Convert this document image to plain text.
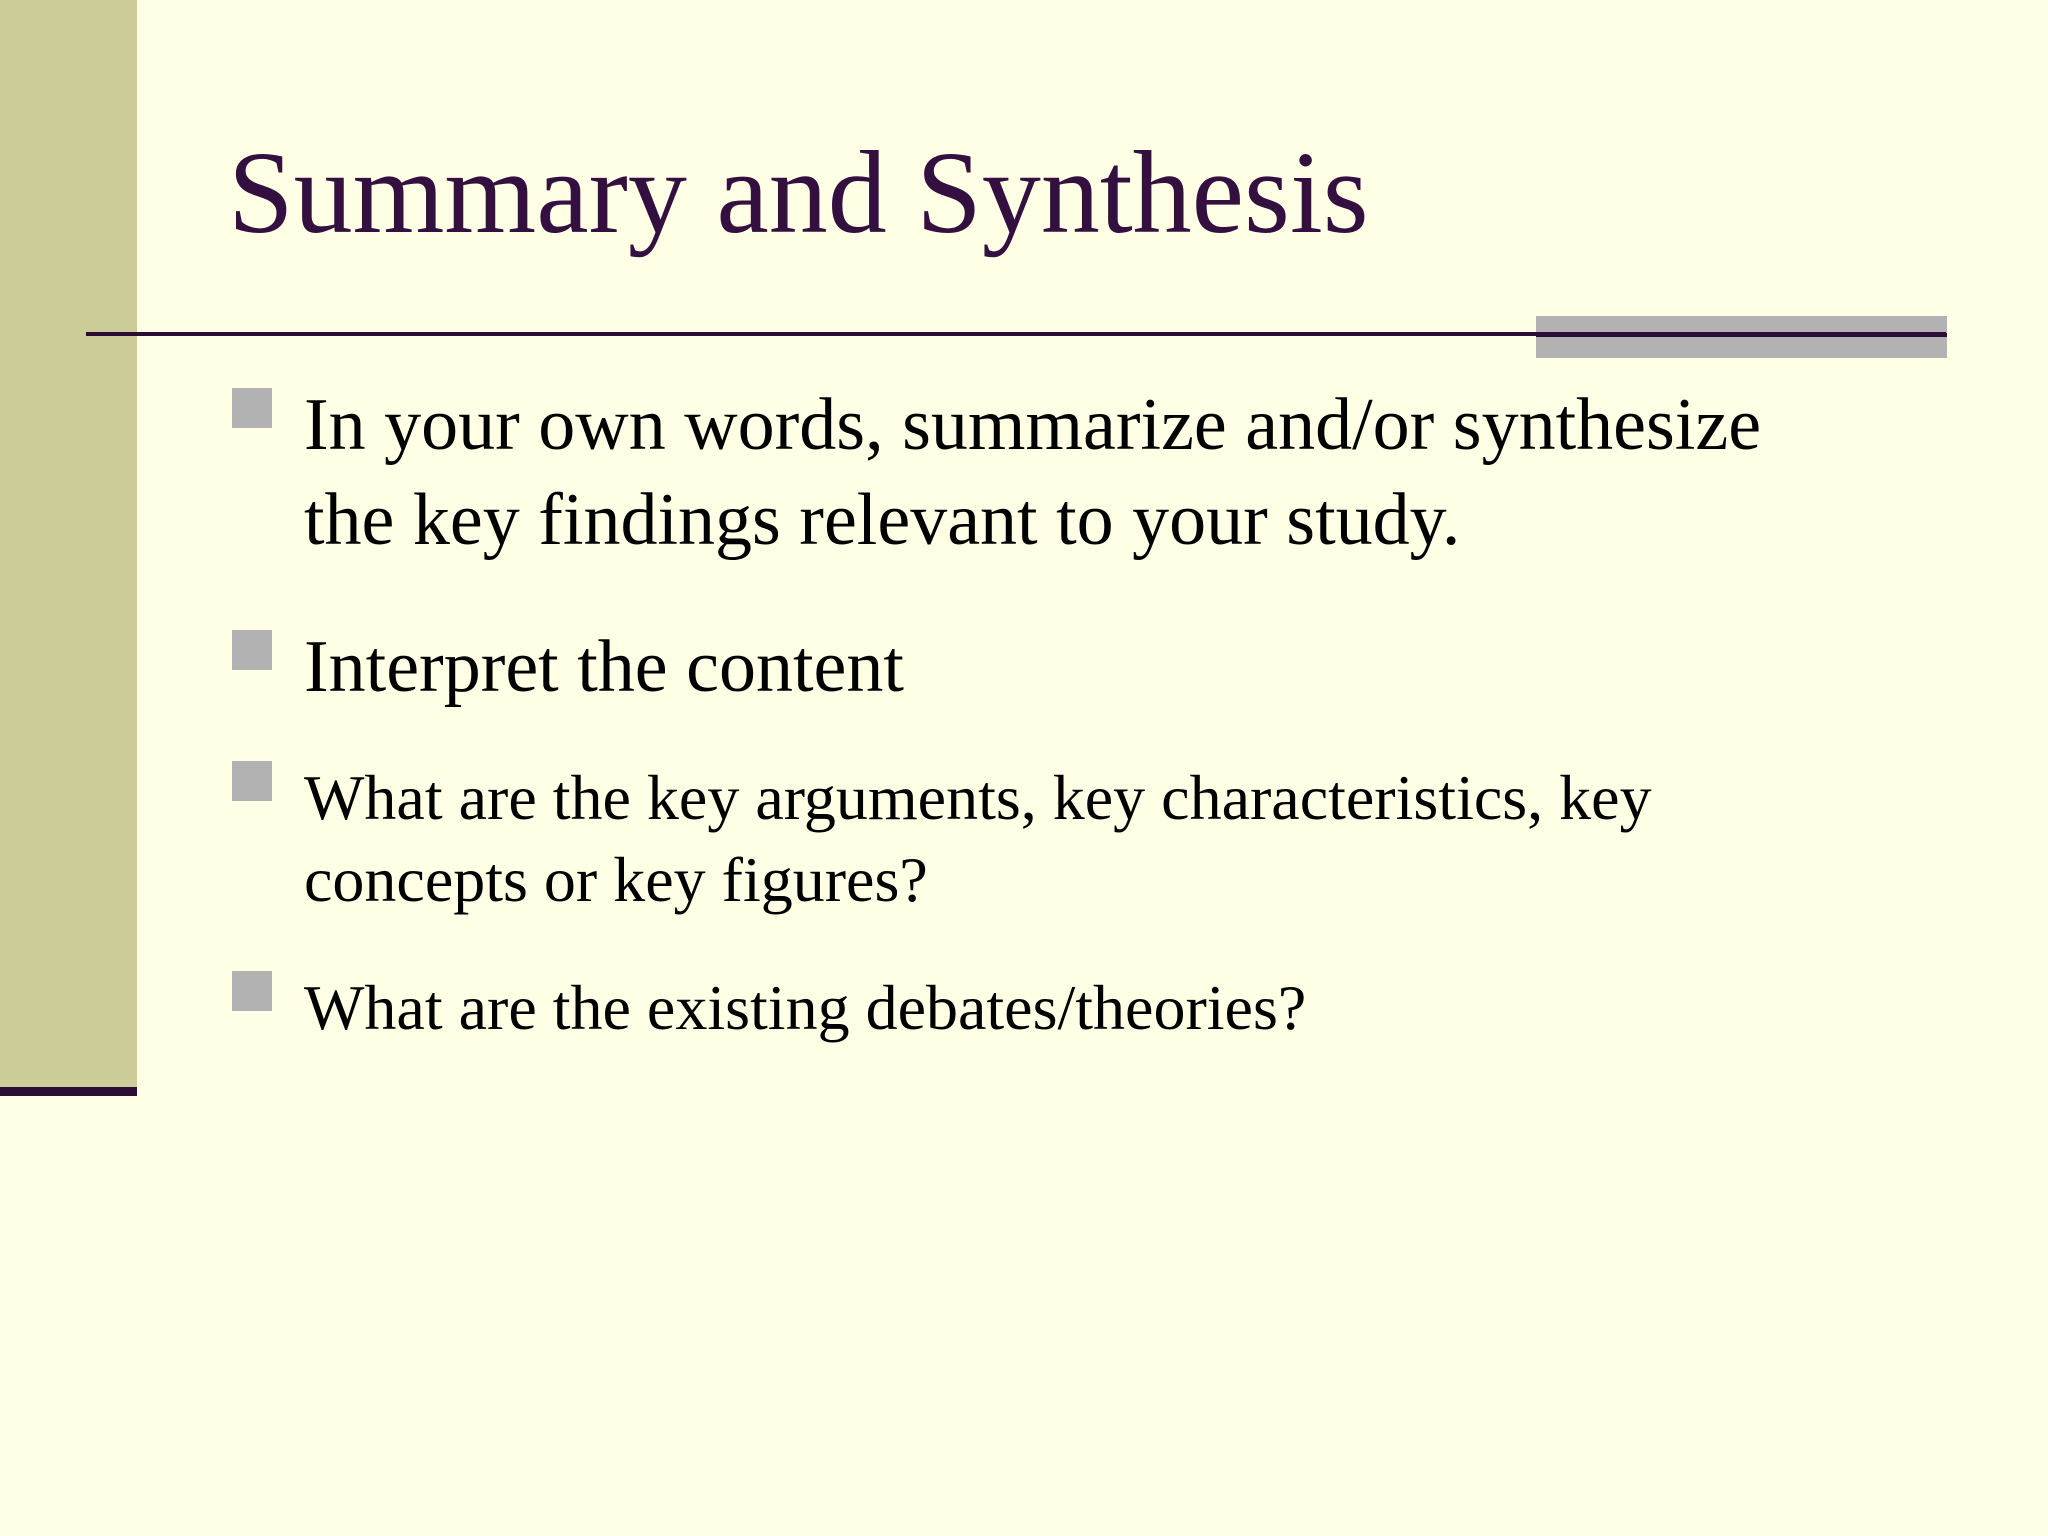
Summary and Synthesis
In your own words, summarize and/or synthesize the key findings relevant to your study.
Interpret the content
What are the key arguments, key characteristics, key concepts or key figures?
What are the existing debates/theories?
